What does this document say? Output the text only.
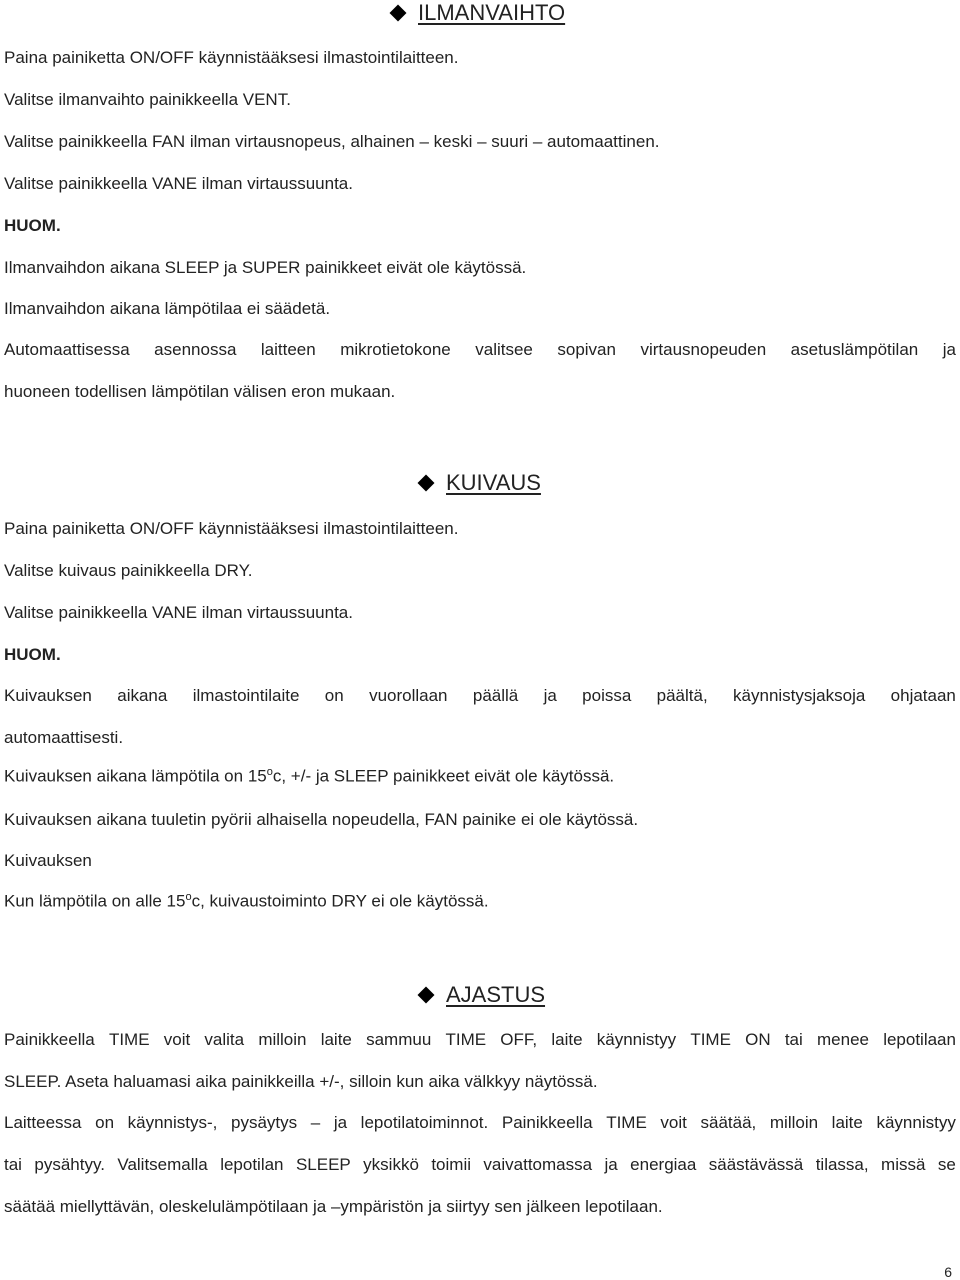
ILMANVAIHTO
Paina painiketta ON/OFF käynnistääksesi ilmastointilaitteen.
Valitse ilmanvaihto painikkeella VENT.
Valitse painikkeella FAN ilman virtausnopeus, alhainen – keski – suuri – automaattinen.
Valitse painikkeella VANE ilman virtaussuunta.
HUOM.
Ilmanvaihdon aikana SLEEP ja SUPER painikkeet eivät ole käytössä.
Ilmanvaihdon aikana lämpötilaa ei säädetä.
Automaattisessa asennossa laitteen mikrotietokone valitsee sopivan virtausnopeuden asetuslämpötilan ja
huoneen todellisen lämpötilan välisen eron mukaan.
KUIVAUS
Paina painiketta ON/OFF käynnistääksesi ilmastointilaitteen.
Valitse kuivaus painikkeella DRY.
Valitse painikkeella VANE ilman virtaussuunta.
HUOM.
Kuivauksen aikana ilmastointilaite on vuorollaan päällä ja poissa päältä, käynnistysjaksoja ohjataan
automaattisesti.
Kuivauksen aikana lämpötila on $15^oc$, +/- ja SLEEP painikkeet eivät ole käytössä.
Kuivauksen aikana tuuletin pyörii alhaisella nopeudella, FAN painike ei ole käytössä.
Kuivauksen
Kun lämpötila on alle 15$^o$c, kuivaustoiminto DRY ei ole käytössä.
AJASTUS
Painikkeella TIME voit valita milloin laite sammuu TIME OFF, laite käynnistyy TIME ON tai menee lepotilaan
SLEEP. Aseta haluamasi aika painikkeilla +/-, silloin kun aika välkkyy näytössä.
Laitteessa on käynnistys-, pysäytys – ja lepotilatoiminnot. Painikkeella TIME voit säätää, milloin laite käynnistyy
tai pysähtyy. Valitsemalla lepotilan SLEEP yksikkö toimii vaivattomassa ja energiaa säästävässä tilassa, missä se
säätää miellyttävän, oleskelulämpötilaan ja –ympäristön ja siirtyy sen jälkeen lepotilaan.
6
